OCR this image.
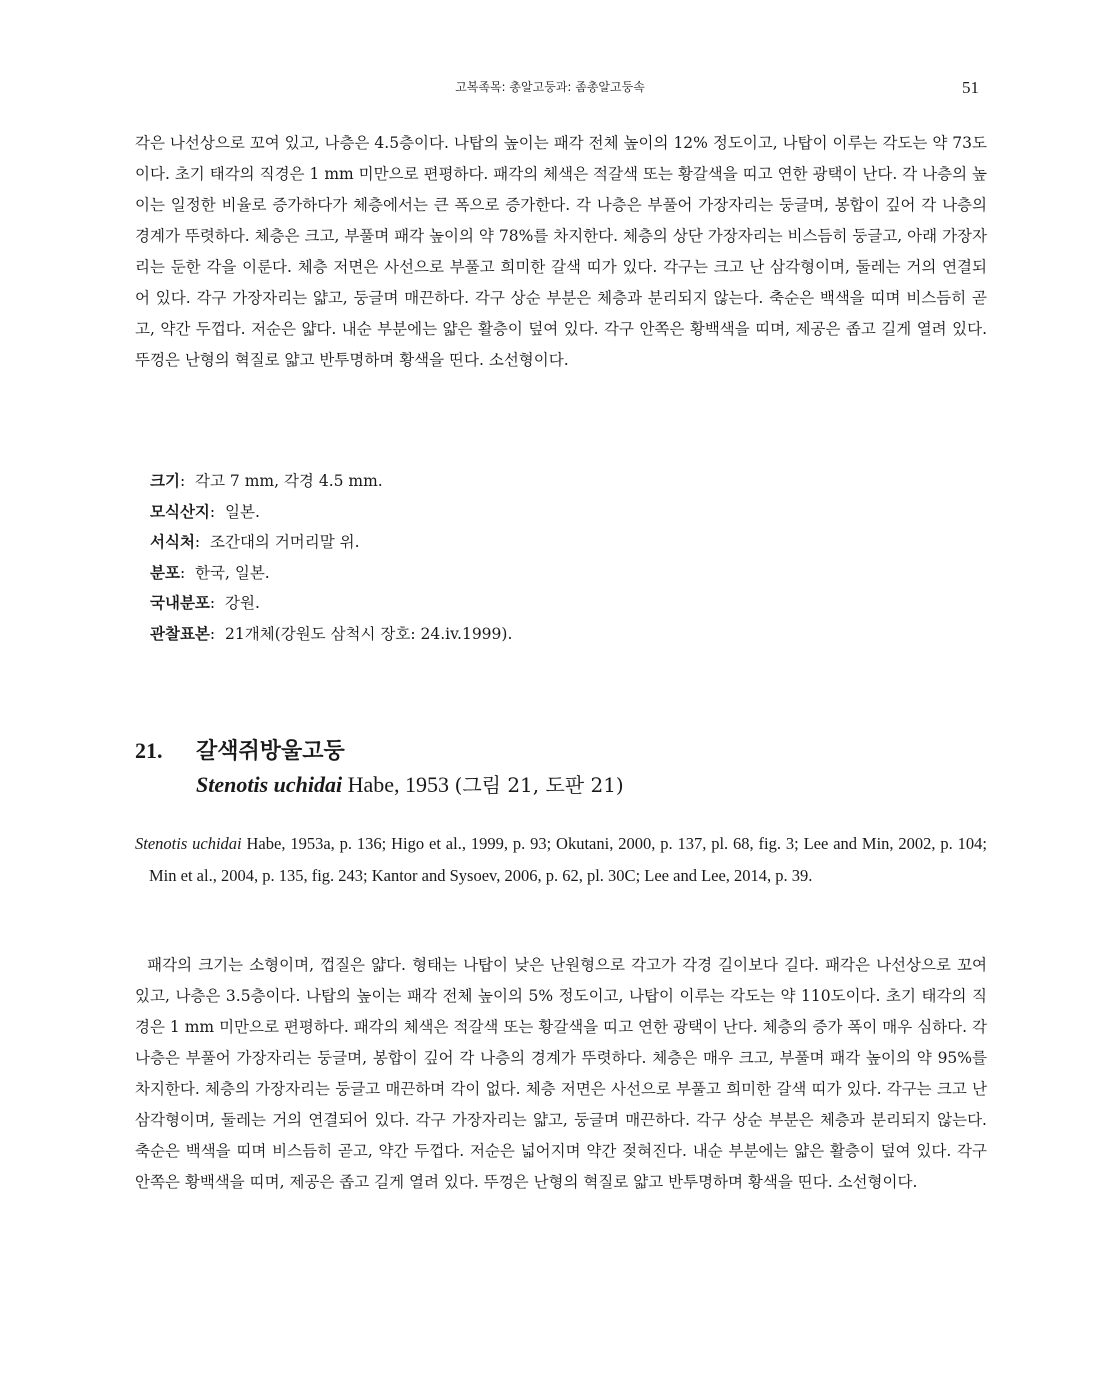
고복족목: 총알고둥과: 좀총알고둥속	51

각은 나선상으로 꼬여 있고, 나층은 4.5층이다. 나탑의 높이는 패각 전체 높이의 12% 정도이고, 나탑이 이루는 각도는 약 73도이다. 초기 태각의 직경은 1 mm 미만으로 편평하다. 패각의 체색은 적갈색 또는 황갈색을 띠고 연한 광택이 난다. 각 나층의 높이는 일정한 비율로 증가하다가 체층에서는 큰 폭으로 증가한다. 각 나층은 부풀어 가장자리는 둥글며, 봉합이 깊어 각 나층의 경계가 뚜렷하다. 체층은 크고, 부풀며 패각 높이의 약 78%를 차지한다. 체층의 상단 가장자리는 비스듬히 둥글고, 아래 가장자리는 둔한 각을 이룬다. 체층 저면은 사선으로 부풀고 희미한 갈색 띠가 있다. 각구는 크고 난 삼각형이며, 둘레는 거의 연결되어 있다. 각구 가장자리는 얇고, 둥글며 매끈하다. 각구 상순 부분은 체층과 분리되지 않는다. 축순은 백색을 띠며 비스듬히 곧고, 약간 두껍다. 저순은 얇다. 내순 부분에는 얇은 활층이 덮여 있다. 각구 안쪽은 황백색을 띠며, 제공은 좁고 길게 열려 있다. 뚜껑은 난형의 혁질로 얇고 반투명하며 황색을 띤다. 소선형이다.

크기: 각고 7 mm, 각경 4.5 mm.
모식산지: 일본.
서식처: 조간대의 거머리말 위.
분포: 한국, 일본.
국내분포: 강원.
관찰표본: 21개체(강원도 삼척시 장호: 24.iv.1999).
21. 갈색쥐방울고둥
Stenotis uchidai Habe, 1953 (그림 21, 도판 21)
Stenotis uchidai Habe, 1953a, p. 136; Higo et al., 1999, p. 93; Okutani, 2000, p. 137, pl. 68, fig. 3; Lee and Min, 2002, p. 104; Min et al., 2004, p. 135, fig. 243; Kantor and Sysoev, 2006, p. 62, pl. 30C; Lee and Lee, 2014, p. 39.

패각의 크기는 소형이며, 껍질은 얇다. 형태는 나탑이 낮은 난원형으로 각고가 각경 길이보다 길다. 패각은 나선상으로 꼬여 있고, 나층은 3.5층이다. 나탑의 높이는 패각 전체 높이의 5% 정도이고, 나탑이 이루는 각도는 약 110도이다. 초기 태각의 직경은 1 mm 미만으로 편평하다. 패각의 체색은 적갈색 또는 황갈색을 띠고 연한 광택이 난다. 체층의 증가 폭이 매우 심하다. 각 나층은 부풀어 가장자리는 둥글며, 봉합이 깊어 각 나층의 경계가 뚜렷하다. 체층은 매우 크고, 부풀며 패각 높이의 약 95%를 차지한다. 체층의 가장자리는 둥글고 매끈하며 각이 없다. 체층 저면은 사선으로 부풀고 희미한 갈색 띠가 있다. 각구는 크고 난 삼각형이며, 둘레는 거의 연결되어 있다. 각구 가장자리는 얇고, 둥글며 매끈하다. 각구 상순 부분은 체층과 분리되지 않는다. 축순은 백색을 띠며 비스듬히 곧고, 약간 두껍다. 저순은 넓어지며 약간 젖혀진다. 내순 부분에는 얇은 활층이 덮여 있다. 각구 안쪽은 황백색을 띠며, 제공은 좁고 길게 열려 있다. 뚜껑은 난형의 혁질로 얇고 반투명하며 황색을 띤다. 소선형이다.
